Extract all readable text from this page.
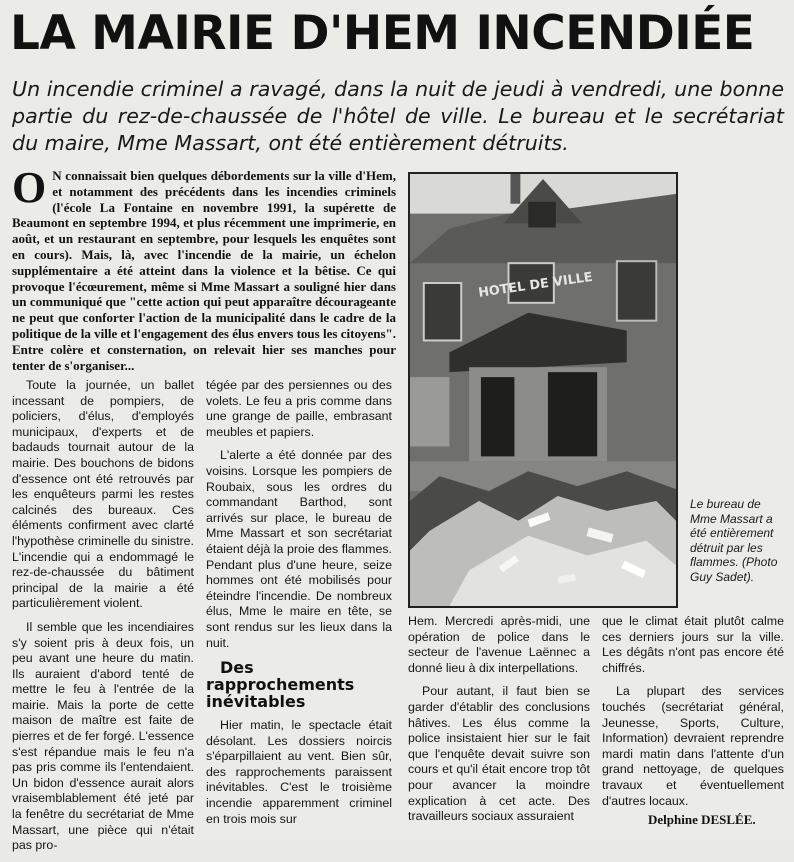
LA MAIRIE D'HEM INCENDIÉE

Un incendie criminel a ravagé, dans la nuit de jeudi à vendredi, une bonne partie du rez-de-chaussée de l'hôtel de ville. Le bureau et le secrétariat du maire, Mme Massart, ont été entièrement détruits.

O N connaissait bien quelques débordements sur la ville d'Hem, et notamment des précédents dans les incendies criminels (l'école La Fontaine en novembre 1991, la supérette de Beaumont en septembre 1994, et plus récemment une imprimerie, en août, et un restaurant en septembre, pour lesquels les enquêtes sont en cours). Mais, là, avec l'incendie de la mairie, un échelon supplémentaire a été atteint dans la violence et la bêtise. Ce qui provoque l'écœurement, même si Mme Massart a souligné hier dans un communiqué que "cette action qui peut apparaître décourageante ne peut que conforter l'action de la municipalité dans le cadre de la politique de la ville et l'engagement des élus envers tous les citoyens". Entre colère et consternation, on relevait hier ses manches pour tenter de s'organiser...

Toute la journée, un ballet incessant de pompiers, de policiers, d'élus, d'employés municipaux, d'experts et de badauds tournait autour de la mairie. Des bouchons de bidons d'essence ont été retrouvés par les enquêteurs parmi les restes calcinés des bureaux. Ces éléments confirment avec clarté l'hypothèse criminelle du sinistre. L'incendie qui a endommagé le rez-de-chaussée du bâtiment principal de la mairie a été particulièrement violent.

Il semble que les incendiaires s'y soient pris à deux fois, un peu avant une heure du matin. Ils auraient d'abord tenté de mettre le feu à l'entrée de la mairie. Mais la porte de cette maison de maître est faite de pierres et de fer forgé. L'essence s'est répandue mais le feu n'a pas pris comme ils l'entendaient. Un bidon d'essence aurait alors vraisemblablement été jeté par la fenêtre du secrétariat de Mme Massart, une pièce qui n'était pas pro-

tégée par des persiennes ou des volets. Le feu a pris comme dans une grange de paille, embrasant meubles et papiers.

L'alerte a été donnée par des voisins. Lorsque les pompiers de Roubaix, sous les ordres du commandant Barthod, sont arrivés sur place, le bureau de Mme Massart et son secrétariat étaient déjà la proie des flammes. Pendant plus d'une heure, seize hommes ont été mobilisés pour éteindre l'incendie. De nombreux élus, Mme le maire en tête, se sont rendus sur les lieux dans la nuit.

Des rapprochements inévitables

Hier matin, le spectacle était désolant. Les dossiers noircis s'éparpillaient au vent. Bien sûr, des rapprochements paraissent inévitables. C'est le troisième incendie apparemment criminel en trois mois sur

HOTEL DE VILLE

Le bureau de Mme Massart a été entièrement détruit par les flammes. (Photo Guy Sadet).

Hem. Mercredi après-midi, une opération de police dans le secteur de l'avenue Laënnec a donné lieu à dix interpellations.

Pour autant, il faut bien se garder d'établir des conclusions hâtives. Les élus comme la police insistaient hier sur le fait que l'enquête devait suivre son cours et qu'il était encore trop tôt pour avancer la moindre explication à cet acte. Des travailleurs sociaux assuraient

que le climat était plutôt calme ces derniers jours sur la ville. Les dégâts n'ont pas encore été chiffrés.

La plupart des services touchés (secrétariat général, Jeunesse, Sports, Culture, Information) devraient reprendre mardi matin dans l'attente d'un grand nettoyage, de quelques travaux et éventuellement d'autres locaux.

Delphine DESLÉE.
